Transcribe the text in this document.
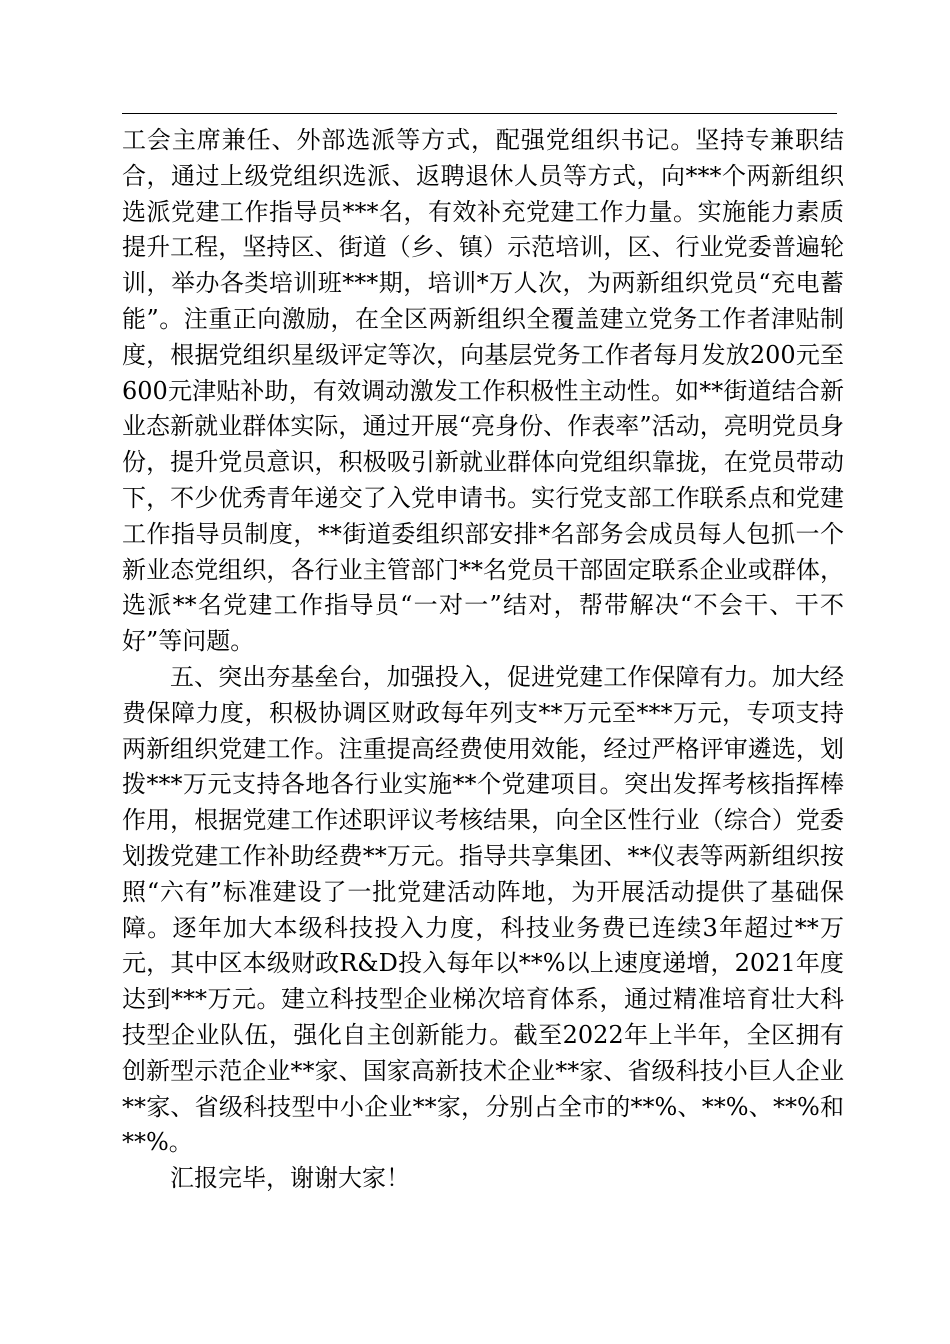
工会主席兼任、外部选派等方式，配强党组织书记。坚持专兼职结合，通过上级党组织选派、返聘退休人员等方式，向***个两新组织选派党建工作指导员***名，有效补充党建工作力量。实施能力素质提升工程，坚持区、街道（乡、镇）示范培训，区、行业党委普遍轮训，举办各类培训班***期，培训*万人次，为两新组织党员“充电蓄能”。注重正向激励，在全区两新组织全覆盖建立党务工作者津贴制度，根据党组织星级评定等次，向基层党务工作者每月发放200元至600元津贴补助，有效调动激发工作积极性主动性。如**街道结合新业态新就业群体实际，通过开展“亮身份、作表率”活动，亮明党员身份，提升党员意识，积极吸引新就业群体向党组织靠拢，在党员带动下，不少优秀青年递交了入党申请书。实行党支部工作联系点和党建工作指导员制度，**街道委组织部安排*名部务会成员每人包抓一个新业态党组织，各行业主管部门**名党员干部固定联系企业或群体，选派**名党建工作指导员“一对一”结对，帮带解决“不会干、干不好”等问题。

五、突出夯基垒台，加强投入，促进党建工作保障有力。加大经费保障力度，积极协调区财政每年列支**万元至***万元，专项支持两新组织党建工作。注重提高经费使用效能，经过严格评审遴选，划拨***万元支持各地各行业实施**个党建项目。突出发挥考核指挥棒作用，根据党建工作述职评议考核结果，向全区性行业（综合）党委划拨党建工作补助经费**万元。指导共享集团、**仪表等两新组织按照“六有”标准建设了一批党建活动阵地，为开展活动提供了基础保障。逐年加大本级科技投入力度，科技业务费已连续3年超过**万元，其中区本级财政R&D投入每年以**%以上速度递增，2021年度达到***万元。建立科技型企业梯次培育体系，通过精准培育壮大科技型企业队伍，强化自主创新能力。截至2022年上半年，全区拥有创新型示范企业**家、国家高新技术企业**家、省级科技小巨人企业**家、省级科技型中小企业**家，分别占全市的**%、**%、**%和**%。

汇报完毕，谢谢大家！
